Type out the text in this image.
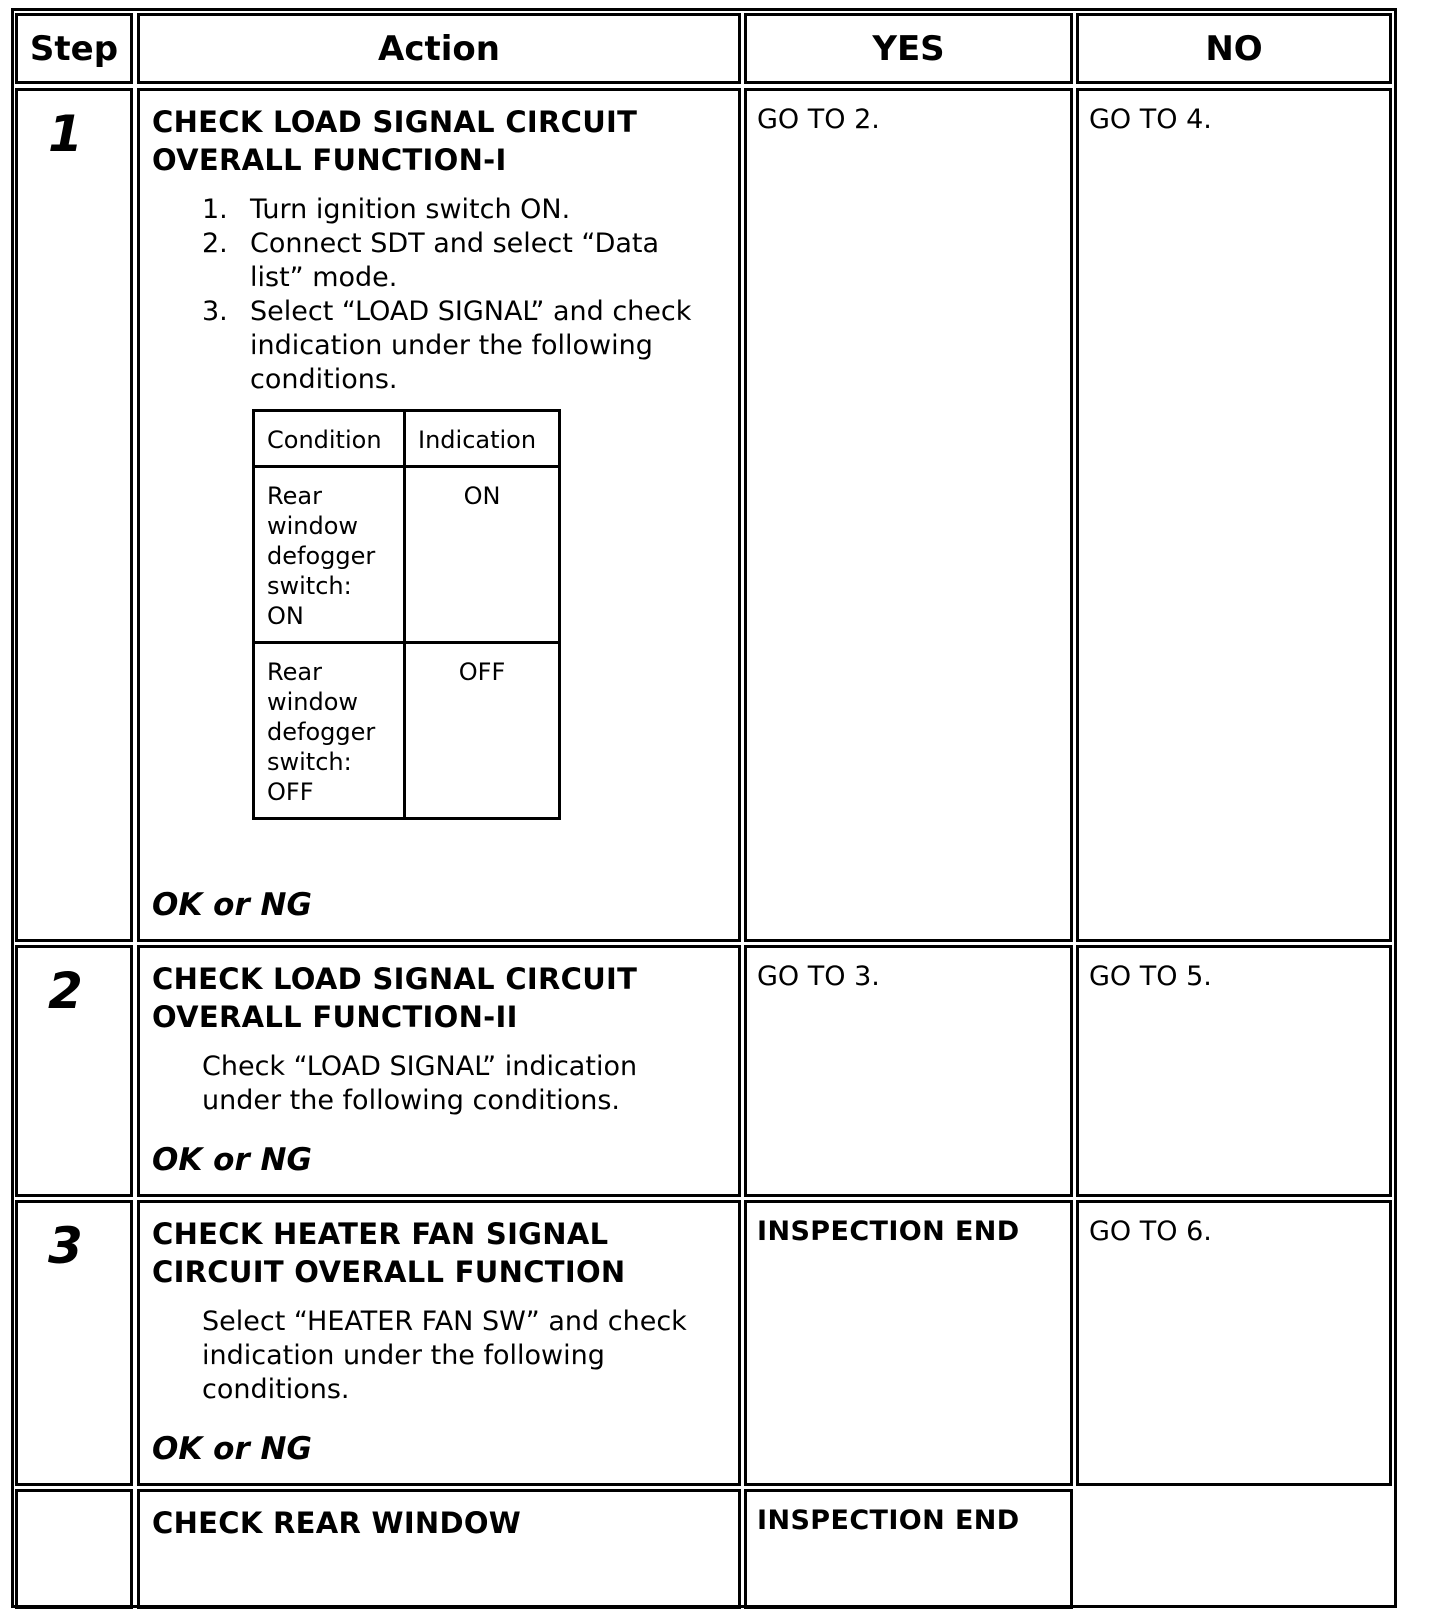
Step	Action	YES	NO
1 CHECK LOAD SIGNAL CIRCUIT
OVERALL FUNCTION-I
1. Turn ignition switch ON.
2. Connect SDT and select “Data
list” mode.
3. Select “LOAD SIGNAL” and check
indication under the following
conditions.
Condition	Indication

Rear
window
defogger
switch:
ON	ON

Rear
window
defogger
switch:
OFF	OFF
OK or NG
GO TO 2.	GO TO 4.
2 CHECK LOAD SIGNAL CIRCUIT
OVERALL FUNCTION-II
Check “LOAD SIGNAL” indication
under the following conditions.
OK or NG
GO TO 3.	GO TO 5.
3 CHECK HEATER FAN SIGNAL
CIRCUIT OVERALL FUNCTION
Select “HEATER FAN SW” and check
indication under the following
conditions.
OK or NG
INSPECTION END	GO TO 6.
CHECK REAR WINDOW	INSPECTION END
